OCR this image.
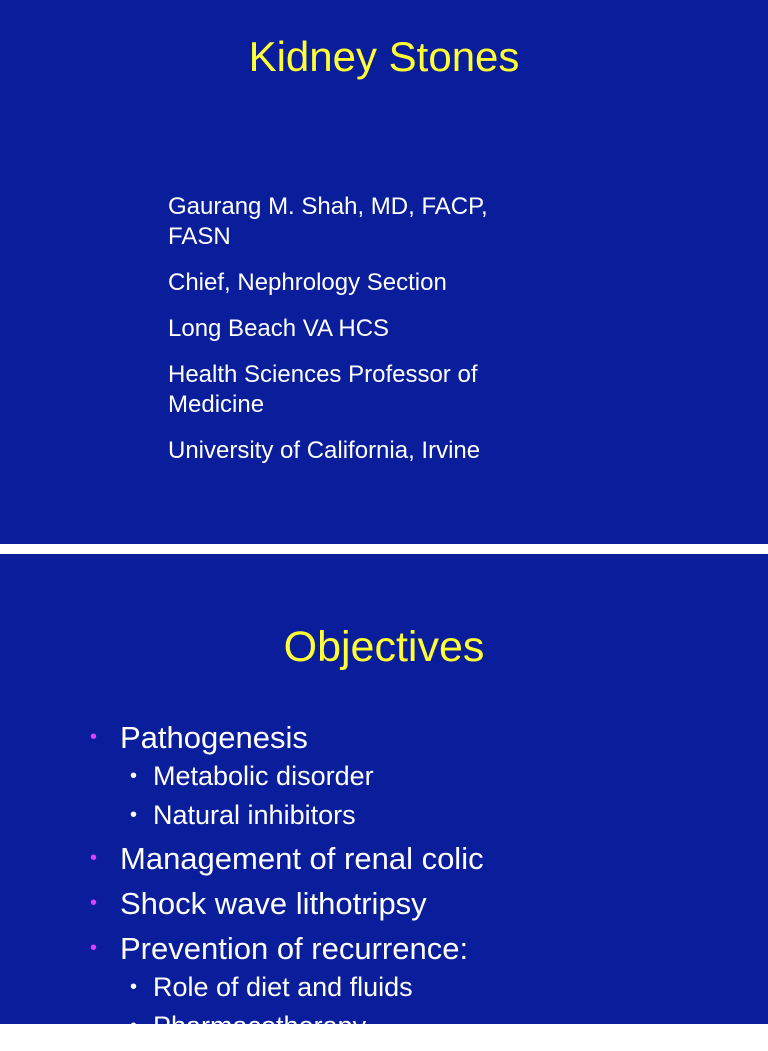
Kidney Stones

Gaurang M. Shah, MD, FACP, FASN

Chief, Nephrology Section

Long Beach VA HCS

Health Sciences Professor of Medicine

University of California, Irvine

Objectives
• Pathogenesis
• Metabolic disorder
• Natural inhibitors
• Management of renal colic
• Shock wave lithotripsy
• Prevention of recurrence:
• Role of diet and fluids
• Pharmacotherapy
